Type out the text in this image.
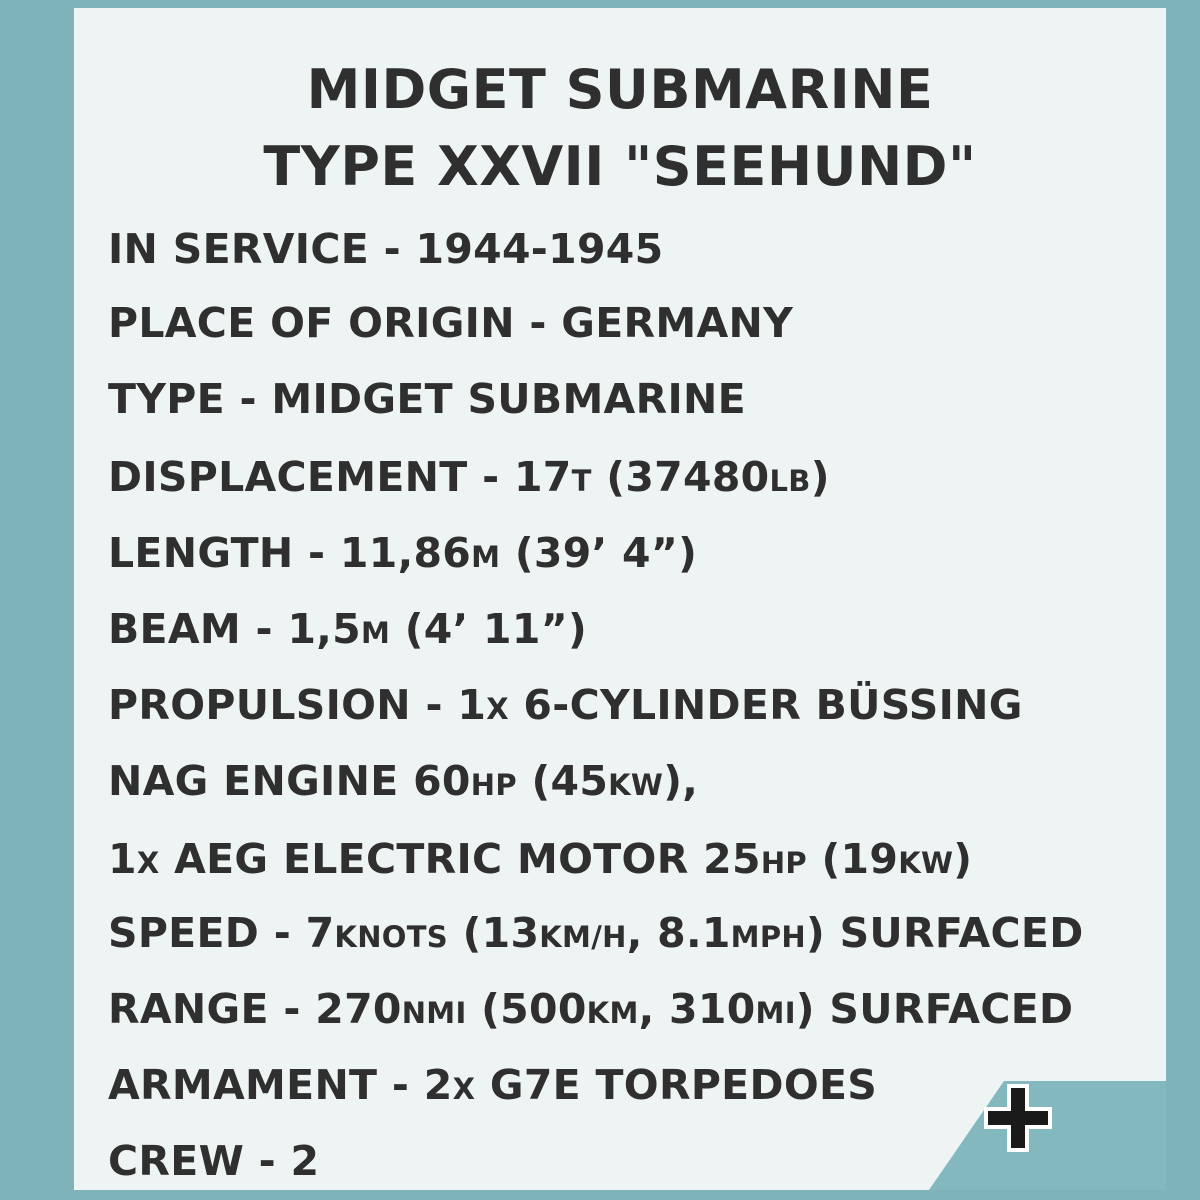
MIDGET SUBMARINE
TYPE XXVII "SEEHUND"
IN SERVICE - 1944-1945
PLACE OF ORIGIN - GERMANY
TYPE - MIDGET SUBMARINE
DISPLACEMENT - 17T (37480LB)
LENGTH - 11,86M (39’ 4”)
BEAM - 1,5M (4’ 11”)
PROPULSION - 1X 6-CYLINDER BÜSSING
NAG ENGINE 60HP (45KW),
1X AEG ELECTRIC MOTOR 25HP (19KW)
SPEED - 7KNOTS (13KM/H, 8.1MPH) SURFACED
RANGE - 270NMI (500KM, 310MI) SURFACED
ARMAMENT - 2X G7E TORPEDOES
CREW - 2
